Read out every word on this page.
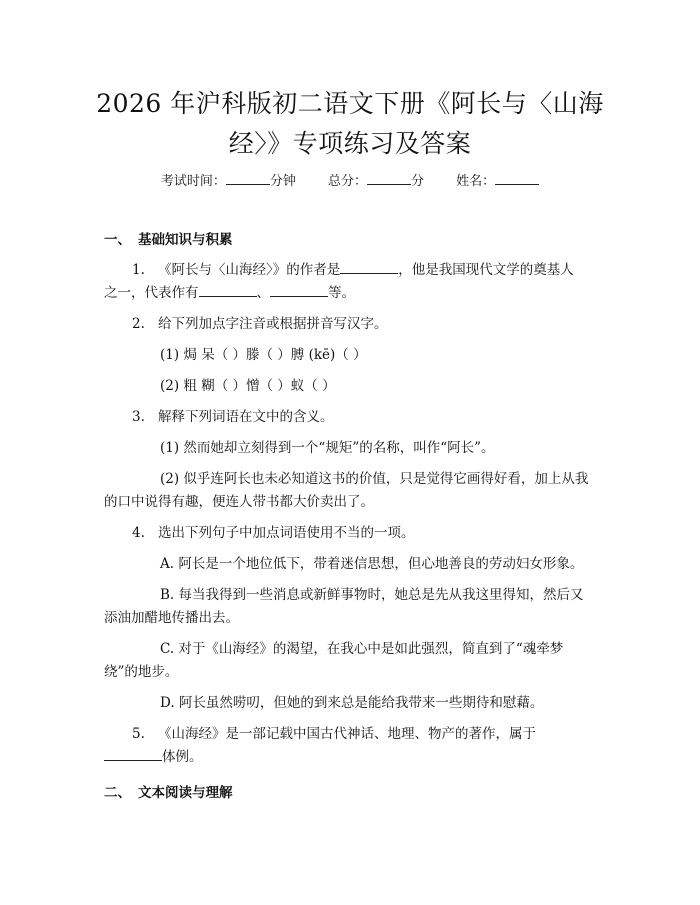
2026 年沪科版初二语文下册《阿长与〈山海
经〉》专项练习及答案
考试时间：	分钟 总分：	分 姓名：
一、 基础知识与积累
1. 《阿长与〈山海经〉》的作者是	，他是我国现代文学的奠基人
之一，代表作有	、	等。
2. 给下列加点字注音或根据拼音写汉字。
(1) 焗 呆（ ）滕（ ）膊 (kē)（ ）
(2) 粗 糊（ ）憎（ ）蚁（ ）
3. 解释下列词语在文中的含义。
(1) 然而她却立刻得到一个“规矩”的名称，叫作“阿长”。
(2) 似乎连阿长也未必知道这书的价值，只是觉得它画得好看，加上从我
的口中说得有趣，便连人带书都大价卖出了。
4. 选出下列句子中加点词语使用不当的一项。
A. 阿长是一个地位低下，带着迷信思想，但心地善良的劳动妇女形象。
B. 每当我得到一些消息或新鲜事物时，她总是先从我这里得知，然后又
添油加醋地传播出去。
C. 对于《山海经》的渴望，在我心中是如此强烈，简直到了“魂牵梦
绕”的地步。
D. 阿长虽然唠叨，但她的到来总是能给我带来一些期待和慰藉。
5. 《山海经》是一部记载中国古代神话、地理、物产的著作，属于
体例。
二、 文本阅读与理解
